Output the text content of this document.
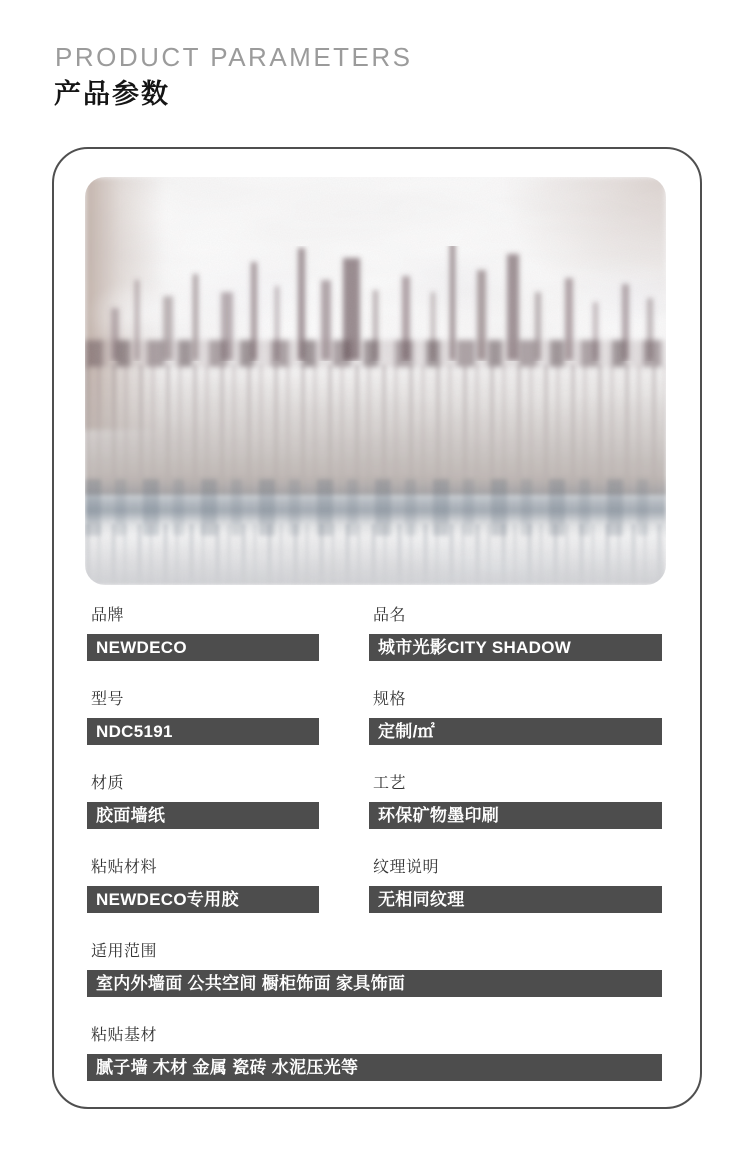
PRODUCT PARAMETERS
产品参数
品牌
NEWDECO
品名
城市光影CITY SHADOW
型号
NDC5191
规格
定制/㎡
材质
胶面墙纸
工艺
环保矿物墨印刷
粘贴材料
NEWDECO专用胶
纹理说明
无相同纹理
适用范围
室内外墙面 公共空间 橱柜饰面 家具饰面
粘贴基材
腻子墙 木材 金属 瓷砖 水泥压光等
